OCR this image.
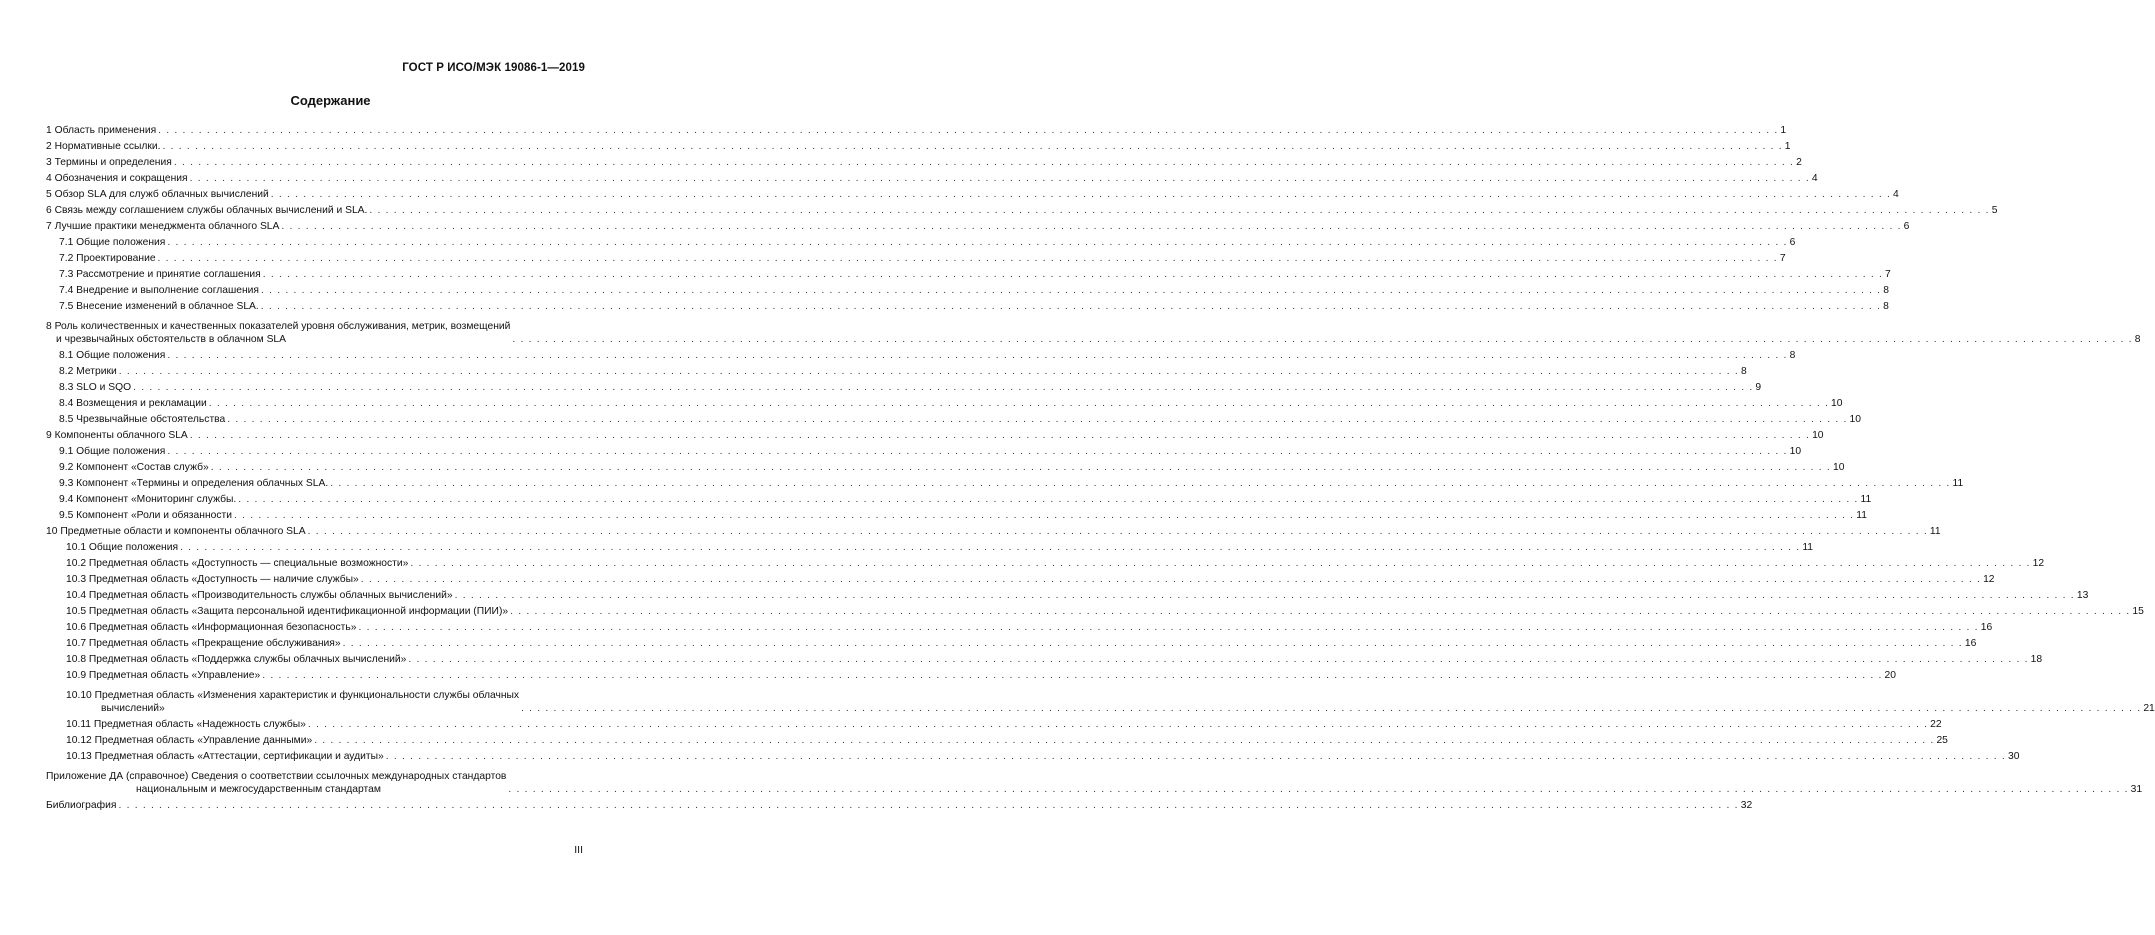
ГОСТ Р ИСО/МЭК 19086-1—2019
Содержание
1 Область применения . . . . . . . . . . . . . . . . . . . . . . . . . . . . . . . . . . . . . . . . . . . . . . . . . . . . . . . . . . . . . . . . . . . . . . . . . . . . . . . . . . . . . . . . . . . . . . . . . . . . . . . . . . . . . . . . . . . . . . . . . . . . . . . . . . . . . . . . . . . . . . . . . . . . . . . . . . . . . . . . . . . . . . . . . . . . . . . . . . . . . . . . . . . . . . . . . . . . . . . . 1
2 Нормативные ссылки. . . . . . . . . . . . . . . . . . . . . . . . . . . . . . . . . . . . . . . . . . . . . . . . . . . . . . . . . . . . . . . . . . . . . . . . . . . . . . . . . . . . . . . . . . . . . . . . . . . . . . . . . . . . . . . . . . . . . . . . . . . . . . . . . . . . . . . . . . . . . . . . . . . . . . . . . . . . . . . . . . . . . . . . . . . . . . . . . . . . . . . . . . . . . . . . . . . . . . . . . 1
3 Термины и определения . . . . . . . . . . . . . . . . . . . . . . . . . . . . . . . . . . . . . . . . . . . . . . . . . . . . . . . . . . . . . . . . . . . . . . . . . . . . . . . . . . . . . . . . . . . . . . . . . . . . . . . . . . . . . . . . . . . . . . . . . . . . . . . . . . . . . . . . . . . . . . . . . . . . . . . . . . . . . . . . . . . . . . . . . . . . . . . . . . . . . . . . . . . . . . . . . . . . . . . . 2
4 Обозначения и сокращения . . . . . . . . . . . . . . . . . . . . . . . . . . . . . . . . . . . . . . . . . . . . . . . . . . . . . . . . . . . . . . . . . . . . . . . . . . . . . . . . . . . . . . . . . . . . . . . . . . . . . . . . . . . . . . . . . . . . . . . . . . . . . . . . . . . . . . . . . . . . . . . . . . . . . . . . . . . . . . . . . . . . . . . . . . . . . . . . . . . . . . . . . . . . . . . . . . . . . . . . 4
5 Обзор SLA для служб облачных вычислений . . . . . . . . . . . . . . . . . . . . . . . . . . . . . . . . . . . . . . . . . . . . . . . . . . . . . . . . . . . . . . . . . . . . . . . . . . . . . . . . . . . . . . . . . . . . . . . . . . . . . . . . . . . . . . . . . . . . . . . . . . . . . . . . . . . . . . . . . . . . . . . . . . . . . . . . . . . . . . . . . . . . . . . . . . . . . . . . . . . . . . . . . . . . . . . . . . . . . . . . 4
6 Связь между соглашением службы облачных вычислений и SLA. . . . . . . . . . . . . . . . . . . . . . . . . . . . . . . . . . . . . . . . . . . . . . . . . . . . . . . . . . . . . . . . . . . . . . . . . . . . . . . . . . . . . . . . . . . . . . . . . . . . . . . . . . . . . . . . . . . . . . . . . . . . . . . . . . . . . . . . . . . . . . . . . . . . . . . . . . . . . . . . . . . . . . . . . . . . . . . . . . . . . . . . . . . . . . . . . . . . . . . . . 5
7 Лучшие практики менеджмента облачного SLA . . . . . . . . . . . . . . . . . . . . . . . . . . . . . . . . . . . . . . . . . . . . . . . . . . . . . . . . . . . . . . . . . . . . . . . . . . . . . . . . . . . . . . . . . . . . . . . . . . . . . . . . . . . . . . . . . . . . . . . . . . . . . . . . . . . . . . . . . . . . . . . . . . . . . . . . . . . . . . . . . . . . . . . . . . . . . . . . . . . . . . . . . . . . . . . . . . . . . . . . 6
7.1 Общие положения . . . . . . . . . . . . . . . . . . . . . . . . . . . . . . . . . . . . . . . . . . . . . . . . . . . . . . . . . . . . . . . . . . . . . . . . . . . . . . . . . . . . . . . . . . . . . . . . . . . . . . . . . . . . . . . . . . . . . . . . . . . . . . . . . . . . . . . . . . . . . . . . . . . . . . . . . . . . . . . . . . . . . . . . . . . . . . . . . . . . . . . . . . . . . . . . . . . . . . . . 6
7.2 Проектирование . . . . . . . . . . . . . . . . . . . . . . . . . . . . . . . . . . . . . . . . . . . . . . . . . . . . . . . . . . . . . . . . . . . . . . . . . . . . . . . . . . . . . . . . . . . . . . . . . . . . . . . . . . . . . . . . . . . . . . . . . . . . . . . . . . . . . . . . . . . . . . . . . . . . . . . . . . . . . . . . . . . . . . . . . . . . . . . . . . . . . . . . . . . . . . . . . . . . . . . . 7
7.3 Рассмотрение и принятие соглашения . . . . . . . . . . . . . . . . . . . . . . . . . . . . . . . . . . . . . . . . . . . . . . . . . . . . . . . . . . . . . . . . . . . . . . . . . . . . . . . . . . . . . . . . . . . . . . . . . . . . . . . . . . . . . . . . . . . . . . . . . . . . . . . . . . . . . . . . . . . . . . . . . . . . . . . . . . . . . . . . . . . . . . . . . . . . . . . . . . . . . . . . . . . . . . . . . . . . . . . . 7
7.4 Внедрение и выполнение соглашения . . . . . . . . . . . . . . . . . . . . . . . . . . . . . . . . . . . . . . . . . . . . . . . . . . . . . . . . . . . . . . . . . . . . . . . . . . . . . . . . . . . . . . . . . . . . . . . . . . . . . . . . . . . . . . . . . . . . . . . . . . . . . . . . . . . . . . . . . . . . . . . . . . . . . . . . . . . . . . . . . . . . . . . . . . . . . . . . . . . . . . . . . . . . . . . . . . . . . . . . 8
7.5 Внесение изменений в облачное SLA. . . . . . . . . . . . . . . . . . . . . . . . . . . . . . . . . . . . . . . . . . . . . . . . . . . . . . . . . . . . . . . . . . . . . . . . . . . . . . . . . . . . . . . . . . . . . . . . . . . . . . . . . . . . . . . . . . . . . . . . . . . . . . . . . . . . . . . . . . . . . . . . . . . . . . . . . . . . . . . . . . . . . . . . . . . . . . . . . . . . . . . . . . . . . . . . . . . . . . . . . 8
8 Роль количественных и качественных показателей уровня обслуживания, метрик, возмещений
и чрезвычайных обстоятельств в облачном SLA	. . . . . . . . . . . . . . . . . . . . . . . . . . . . . . . . . . . . . . . . . . . . . . . . . . . . . . . . . . . . . . . . . . . . . . . . . . . . . . . . . . . . . . . . . . . . . . . . . . . . . . . . . . . . . . . . . . . . . . . . . . . . . . . . . . . . . . . . . . . . . . . . . . . . . . . . . . . . . . . . . . . . . . . . . . . . . . . . . . . . . . . . . . . . . . . . . . . . . . . . 8
8.1 Общие положения . . . . . . . . . . . . . . . . . . . . . . . . . . . . . . . . . . . . . . . . . . . . . . . . . . . . . . . . . . . . . . . . . . . . . . . . . . . . . . . . . . . . . . . . . . . . . . . . . . . . . . . . . . . . . . . . . . . . . . . . . . . . . . . . . . . . . . . . . . . . . . . . . . . . . . . . . . . . . . . . . . . . . . . . . . . . . . . . . . . . . . . . . . . . . . . . . . . . . . . . 8
8.2 Метрики . . . . . . . . . . . . . . . . . . . . . . . . . . . . . . . . . . . . . . . . . . . . . . . . . . . . . . . . . . . . . . . . . . . . . . . . . . . . . . . . . . . . . . . . . . . . . . . . . . . . . . . . . . . . . . . . . . . . . . . . . . . . . . . . . . . . . . . . . . . . . . . . . . . . . . . . . . . . . . . . . . . . . . . . . . . . . . . . . . . . . . . . . . . . . . . . . . . . . . . . 8
8.3 SLO и SQO . . . . . . . . . . . . . . . . . . . . . . . . . . . . . . . . . . . . . . . . . . . . . . . . . . . . . . . . . . . . . . . . . . . . . . . . . . . . . . . . . . . . . . . . . . . . . . . . . . . . . . . . . . . . . . . . . . . . . . . . . . . . . . . . . . . . . . . . . . . . . . . . . . . . . . . . . . . . . . . . . . . . . . . . . . . . . . . . . . . . . . . . . . . . . . . . . . . . . . . . 9
8.4 Возмещения и рекламации . . . . . . . . . . . . . . . . . . . . . . . . . . . . . . . . . . . . . . . . . . . . . . . . . . . . . . . . . . . . . . . . . . . . . . . . . . . . . . . . . . . . . . . . . . . . . . . . . . . . . . . . . . . . . . . . . . . . . . . . . . . . . . . . . . . . . . . . . . . . . . . . . . . . . . . . . . . . . . . . . . . . . . . . . . . . . . . . . . . . . . . . . . . . . . . . . . . . . . . . 10
8.5 Чрезвычайные обстоятельства . . . . . . . . . . . . . . . . . . . . . . . . . . . . . . . . . . . . . . . . . . . . . . . . . . . . . . . . . . . . . . . . . . . . . . . . . . . . . . . . . . . . . . . . . . . . . . . . . . . . . . . . . . . . . . . . . . . . . . . . . . . . . . . . . . . . . . . . . . . . . . . . . . . . . . . . . . . . . . . . . . . . . . . . . . . . . . . . . . . . . . . . . . . . . . . . . . . . . . . . 10
9 Компоненты облачного SLA . . . . . . . . . . . . . . . . . . . . . . . . . . . . . . . . . . . . . . . . . . . . . . . . . . . . . . . . . . . . . . . . . . . . . . . . . . . . . . . . . . . . . . . . . . . . . . . . . . . . . . . . . . . . . . . . . . . . . . . . . . . . . . . . . . . . . . . . . . . . . . . . . . . . . . . . . . . . . . . . . . . . . . . . . . . . . . . . . . . . . . . . . . . . . . . . . . . . . . . . 10
9.1 Общие положения . . . . . . . . . . . . . . . . . . . . . . . . . . . . . . . . . . . . . . . . . . . . . . . . . . . . . . . . . . . . . . . . . . . . . . . . . . . . . . . . . . . . . . . . . . . . . . . . . . . . . . . . . . . . . . . . . . . . . . . . . . . . . . . . . . . . . . . . . . . . . . . . . . . . . . . . . . . . . . . . . . . . . . . . . . . . . . . . . . . . . . . . . . . . . . . . . . . . . . . . 10
9.2 Компонент «Состав служб» . . . . . . . . . . . . . . . . . . . . . . . . . . . . . . . . . . . . . . . . . . . . . . . . . . . . . . . . . . . . . . . . . . . . . . . . . . . . . . . . . . . . . . . . . . . . . . . . . . . . . . . . . . . . . . . . . . . . . . . . . . . . . . . . . . . . . . . . . . . . . . . . . . . . . . . . . . . . . . . . . . . . . . . . . . . . . . . . . . . . . . . . . . . . . . . . . . . . . . . . 10
9.3 Компонент «Термины и определения облачных SLA. . . . . . . . . . . . . . . . . . . . . . . . . . . . . . . . . . . . . . . . . . . . . . . . . . . . . . . . . . . . . . . . . . . . . . . . . . . . . . . . . . . . . . . . . . . . . . . . . . . . . . . . . . . . . . . . . . . . . . . . . . . . . . . . . . . . . . . . . . . . . . . . . . . . . . . . . . . . . . . . . . . . . . . . . . . . . . . . . . . . . . . . . . . . . . . . . . . . . . . . . 11
9.4 Компонент «Мониторинг службы. . . . . . . . . . . . . . . . . . . . . . . . . . . . . . . . . . . . . . . . . . . . . . . . . . . . . . . . . . . . . . . . . . . . . . . . . . . . . . . . . . . . . . . . . . . . . . . . . . . . . . . . . . . . . . . . . . . . . . . . . . . . . . . . . . . . . . . . . . . . . . . . . . . . . . . . . . . . . . . . . . . . . . . . . . . . . . . . . . . . . . . . . . . . . . . . . . . . . . . . . 11
9.5 Компонент «Роли и обязанности . . . . . . . . . . . . . . . . . . . . . . . . . . . . . . . . . . . . . . . . . . . . . . . . . . . . . . . . . . . . . . . . . . . . . . . . . . . . . . . . . . . . . . . . . . . . . . . . . . . . . . . . . . . . . . . . . . . . . . . . . . . . . . . . . . . . . . . . . . . . . . . . . . . . . . . . . . . . . . . . . . . . . . . . . . . . . . . . . . . . . . . . . . . . . . . . . . . . . . . . 11
10 Предметные области и компоненты облачного SLA . . . . . . . . . . . . . . . . . . . . . . . . . . . . . . . . . . . . . . . . . . . . . . . . . . . . . . . . . . . . . . . . . . . . . . . . . . . . . . . . . . . . . . . . . . . . . . . . . . . . . . . . . . . . . . . . . . . . . . . . . . . . . . . . . . . . . . . . . . . . . . . . . . . . . . . . . . . . . . . . . . . . . . . . . . . . . . . . . . . . . . . . . . . . . . . . . . . . . . . . 11
10.1 Общие положения . . . . . . . . . . . . . . . . . . . . . . . . . . . . . . . . . . . . . . . . . . . . . . . . . . . . . . . . . . . . . . . . . . . . . . . . . . . . . . . . . . . . . . . . . . . . . . . . . . . . . . . . . . . . . . . . . . . . . . . . . . . . . . . . . . . . . . . . . . . . . . . . . . . . . . . . . . . . . . . . . . . . . . . . . . . . . . . . . . . . . . . . . . . . . . . . . . . . . . . . 11
10.2 Предметная область «Доступность — специальные возможности» . . . . . . . . . . . . . . . . . . . . . . . . . . . . . . . . . . . . . . . . . . . . . . . . . . . . . . . . . . . . . . . . . . . . . . . . . . . . . . . . . . . . . . . . . . . . . . . . . . . . . . . . . . . . . . . . . . . . . . . . . . . . . . . . . . . . . . . . . . . . . . . . . . . . . . . . . . . . . . . . . . . . . . . . . . . . . . . . . . . . . . . . . . . . . . . . . . . . . . . . 12
10.3 Предметная область «Доступность — наличие службы» . . . . . . . . . . . . . . . . . . . . . . . . . . . . . . . . . . . . . . . . . . . . . . . . . . . . . . . . . . . . . . . . . . . . . . . . . . . . . . . . . . . . . . . . . . . . . . . . . . . . . . . . . . . . . . . . . . . . . . . . . . . . . . . . . . . . . . . . . . . . . . . . . . . . . . . . . . . . . . . . . . . . . . . . . . . . . . . . . . . . . . . . . . . . . . . . . . . . . . . . 12
10.4 Предметная область «Производительность службы облачных вычислений» . . . . . . . . . . . . . . . . . . . . . . . . . . . . . . . . . . . . . . . . . . . . . . . . . . . . . . . . . . . . . . . . . . . . . . . . . . . . . . . . . . . . . . . . . . . . . . . . . . . . . . . . . . . . . . . . . . . . . . . . . . . . . . . . . . . . . . . . . . . . . . . . . . . . . . . . . . . . . . . . . . . . . . . . . . . . . . . . . . . . . . . . . . . . . . . . . . . . . . . . 13
10.5 Предметная область «Защита персональной идентификационной информации (ПИИ)» . . . . . . . . . . . . . . . . . . . . . . . . . . . . . . . . . . . . . . . . . . . . . . . . . . . . . . . . . . . . . . . . . . . . . . . . . . . . . . . . . . . . . . . . . . . . . . . . . . . . . . . . . . . . . . . . . . . . . . . . . . . . . . . . . . . . . . . . . . . . . . . . . . . . . . . . . . . . . . . . . . . . . . . . . . . . . . . . . . . . . . . . . . . . . . . . . . . . . . . . 15
10.6 Предметная область «Информационная безопасность» . . . . . . . . . . . . . . . . . . . . . . . . . . . . . . . . . . . . . . . . . . . . . . . . . . . . . . . . . . . . . . . . . . . . . . . . . . . . . . . . . . . . . . . . . . . . . . . . . . . . . . . . . . . . . . . . . . . . . . . . . . . . . . . . . . . . . . . . . . . . . . . . . . . . . . . . . . . . . . . . . . . . . . . . . . . . . . . . . . . . . . . . . . . . . . . . . . . . . . . . 16
10.7 Предметная область «Прекращение обслуживания» . . . . . . . . . . . . . . . . . . . . . . . . . . . . . . . . . . . . . . . . . . . . . . . . . . . . . . . . . . . . . . . . . . . . . . . . . . . . . . . . . . . . . . . . . . . . . . . . . . . . . . . . . . . . . . . . . . . . . . . . . . . . . . . . . . . . . . . . . . . . . . . . . . . . . . . . . . . . . . . . . . . . . . . . . . . . . . . . . . . . . . . . . . . . . . . . . . . . . . . . 16
10.8 Предметная область «Поддержка службы облачных вычислений» . . . . . . . . . . . . . . . . . . . . . . . . . . . . . . . . . . . . . . . . . . . . . . . . . . . . . . . . . . . . . . . . . . . . . . . . . . . . . . . . . . . . . . . . . . . . . . . . . . . . . . . . . . . . . . . . . . . . . . . . . . . . . . . . . . . . . . . . . . . . . . . . . . . . . . . . . . . . . . . . . . . . . . . . . . . . . . . . . . . . . . . . . . . . . . . . . . . . . . . . 18
10.9 Предметная область «Управление» . . . . . . . . . . . . . . . . . . . . . . . . . . . . . . . . . . . . . . . . . . . . . . . . . . . . . . . . . . . . . . . . . . . . . . . . . . . . . . . . . . . . . . . . . . . . . . . . . . . . . . . . . . . . . . . . . . . . . . . . . . . . . . . . . . . . . . . . . . . . . . . . . . . . . . . . . . . . . . . . . . . . . . . . . . . . . . . . . . . . . . . . . . . . . . . . . . . . . . . . 20
10.10 Предметная область «Изменения характеристик и функциональности службы облачных
вычислений»	. . . . . . . . . . . . . . . . . . . . . . . . . . . . . . . . . . . . . . . . . . . . . . . . . . . . . . . . . . . . . . . . . . . . . . . . . . . . . . . . . . . . . . . . . . . . . . . . . . . . . . . . . . . . . . . . . . . . . . . . . . . . . . . . . . . . . . . . . . . . . . . . . . . . . . . . . . . . . . . . . . . . . . . . . . . . . . . . . . . . . . . . . . . . . . . . . . . . . . . . 21
10.11 Предметная область «Надежность службы» . . . . . . . . . . . . . . . . . . . . . . . . . . . . . . . . . . . . . . . . . . . . . . . . . . . . . . . . . . . . . . . . . . . . . . . . . . . . . . . . . . . . . . . . . . . . . . . . . . . . . . . . . . . . . . . . . . . . . . . . . . . . . . . . . . . . . . . . . . . . . . . . . . . . . . . . . . . . . . . . . . . . . . . . . . . . . . . . . . . . . . . . . . . . . . . . . . . . . . . . 22
10.12 Предметная область «Управление данными» . . . . . . . . . . . . . . . . . . . . . . . . . . . . . . . . . . . . . . . . . . . . . . . . . . . . . . . . . . . . . . . . . . . . . . . . . . . . . . . . . . . . . . . . . . . . . . . . . . . . . . . . . . . . . . . . . . . . . . . . . . . . . . . . . . . . . . . . . . . . . . . . . . . . . . . . . . . . . . . . . . . . . . . . . . . . . . . . . . . . . . . . . . . . . . . . . . . . . . . . 25
10.13 Предметная область «Аттестации, сертификации и аудиты» . . . . . . . . . . . . . . . . . . . . . . . . . . . . . . . . . . . . . . . . . . . . . . . . . . . . . . . . . . . . . . . . . . . . . . . . . . . . . . . . . . . . . . . . . . . . . . . . . . . . . . . . . . . . . . . . . . . . . . . . . . . . . . . . . . . . . . . . . . . . . . . . . . . . . . . . . . . . . . . . . . . . . . . . . . . . . . . . . . . . . . . . . . . . . . . . . . . . . . . . 30
Приложение ДА (справочное) Сведения о соответствии ссылочных международных стандартов
национальным и межгосударственным стандартам	. . . . . . . . . . . . . . . . . . . . . . . . . . . . . . . . . . . . . . . . . . . . . . . . . . . . . . . . . . . . . . . . . . . . . . . . . . . . . . . . . . . . . . . . . . . . . . . . . . . . . . . . . . . . . . . . . . . . . . . . . . . . . . . . . . . . . . . . . . . . . . . . . . . . . . . . . . . . . . . . . . . . . . . . . . . . . . . . . . . . . . . . . . . . . . . . . . . . . . . . 31
Библиография . . . . . . . . . . . . . . . . . . . . . . . . . . . . . . . . . . . . . . . . . . . . . . . . . . . . . . . . . . . . . . . . . . . . . . . . . . . . . . . . . . . . . . . . . . . . . . . . . . . . . . . . . . . . . . . . . . . . . . . . . . . . . . . . . . . . . . . . . . . . . . . . . . . . . . . . . . . . . . . . . . . . . . . . . . . . . . . . . . . . . . . . . . . . . . . . . . . . . . . . 32
III
